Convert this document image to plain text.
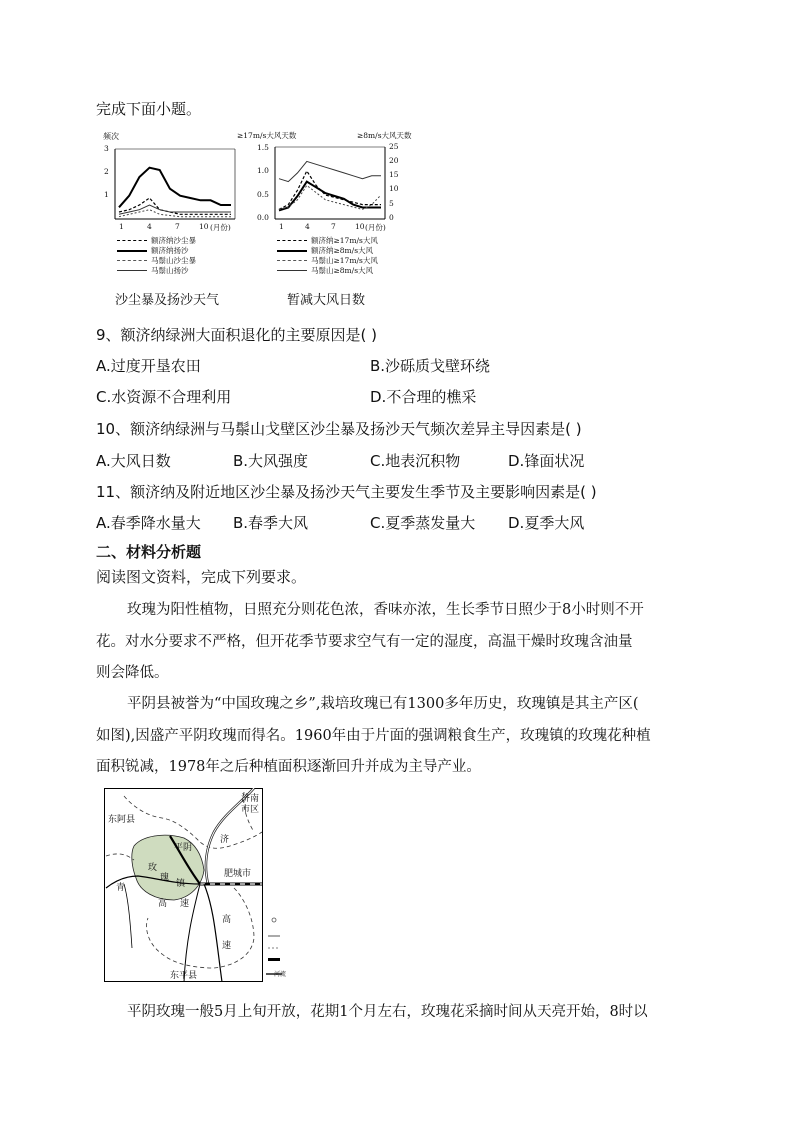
完成下面小题。
频次
3
2
1
1	4	7	10 (月份)
额济纳沙尘暴
额济纳扬沙
马鬃山沙尘暴
马鬃山扬沙
≥17m/s大风天数	≥8m/s大风天数
1.5
1.0
0.5
0.0
25
20
15
10
5
0
1	4	7	10 (月份)
额济纳≥17m/s大风
额济纳≥8m/s大风
马鬃山≥17m/s大风
马鬃山≥8m/s大风
沙尘暴及扬沙天气	暂减大风日数
9、额济纳绿洲大面积退化的主要原因是( )
A.过度开垦农田	B.沙砾质戈壁环绕
C.水资源不合理利用	D.不合理的樵采
10、额济纳绿洲与马鬃山戈壁区沙尘暴及扬沙天气频次差异主导因素是( )
A.大风日数	B.大风强度	C.地表沉积物	D.锋面状况
11、额济纳及附近地区沙尘暴及扬沙天气主要发生季节及主要影响因素是( )
A.春季降水量大 B.春季大风	C.夏季蒸发量大 D.夏季大风
二、材料分析题
阅读图文资料，完成下列要求。
玫瑰为阳性植物，日照充分则花色浓，香味亦浓，生长季节日照少于8小时则不开
花。对水分要求不严格，但开花季节要求空气有一定的湿度，高温干燥时玫瑰含油量
则会降低。
平阴县被誉为“中国玫瑰之乡”,栽培玫瑰已有1300多年历史，玫瑰镇是其主产区(
如图),因盛产平阴玫瑰而得名。1960年由于片面的强调粮食生产，玫瑰镇的玫瑰花种植
面积锐减，1978年之后种植面积逐渐回升并成为主导产业。
济南
市区
东阿县
平阴
济
玫
瑰
镇
肥城市
青
高 速
高
速
东平县	河流
平阴玫瑰一般5月上旬开放，花期1个月左右，玫瑰花采摘时间从天亮开始，8时以
